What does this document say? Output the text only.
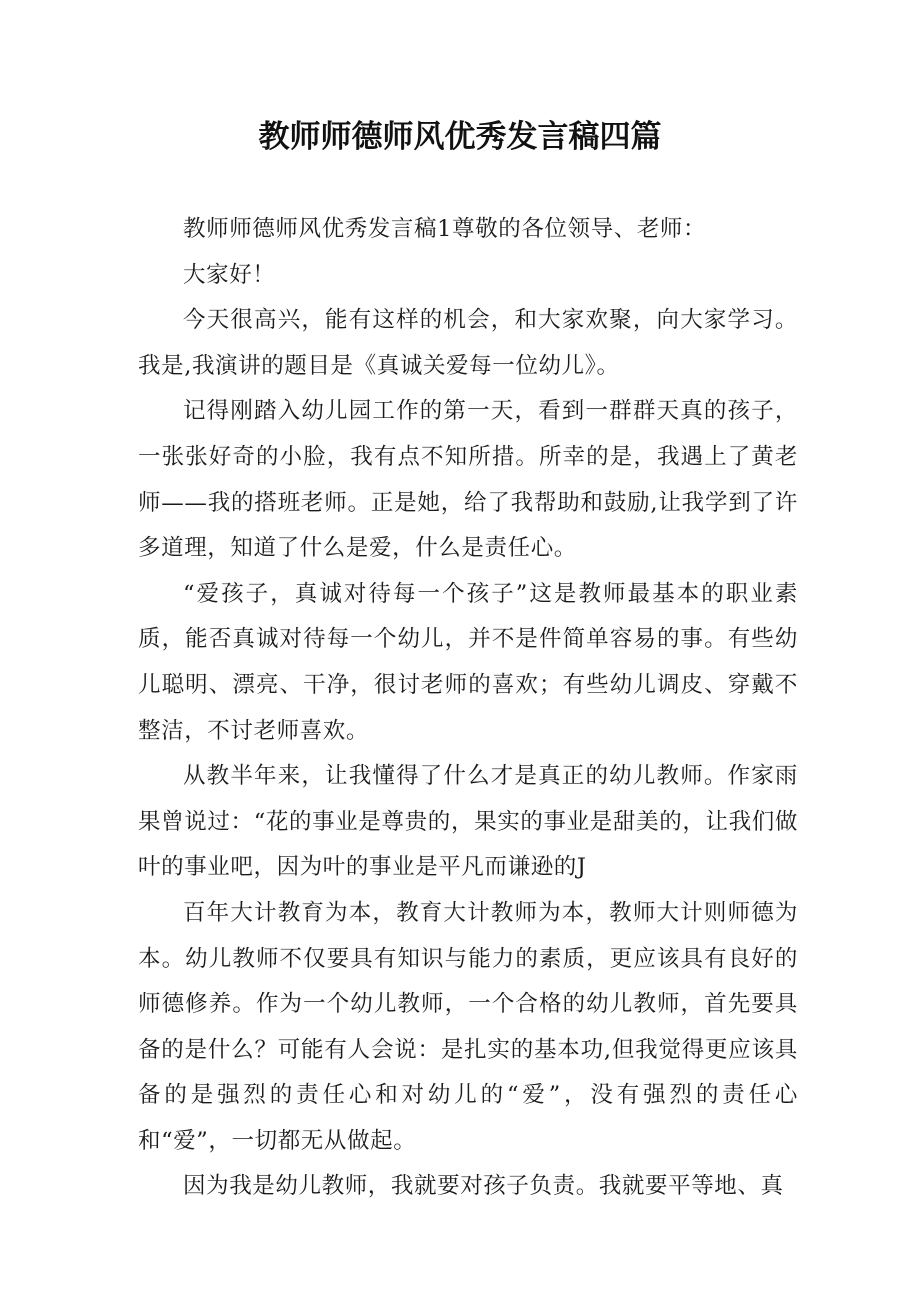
教师师德师风优秀发言稿四篇

教师师德师风优秀发言稿1尊敬的各位领导、老师：

大家好！

今天很高兴，能有这样的机会，和大家欢聚，向大家学习。我是,我演讲的题目是《真诚关爱每一位幼儿》。

记得刚踏入幼儿园工作的第一天，看到一群群天真的孩子，一张张好奇的小脸，我有点不知所措。所幸的是，我遇上了黄老师——我的搭班老师。正是她，给了我帮助和鼓励,让我学到了许多道理，知道了什么是爱，什么是责任心。

“爱孩子，真诚对待每一个孩子”这是教师最基本的职业素质，能否真诚对待每一个幼儿，并不是件简单容易的事。有些幼儿聪明、漂亮、干净，很讨老师的喜欢；有些幼儿调皮、穿戴不整洁，不讨老师喜欢。

从教半年来，让我懂得了什么才是真正的幼儿教师。作家雨果曾说过：“花的事业是尊贵的，果实的事业是甜美的，让我们做叶的事业吧，因为叶的事业是平凡而谦逊的J

百年大计教育为本，教育大计教师为本，教师大计则师德为本。幼儿教师不仅要具有知识与能力的素质，更应该具有良好的师德修养。作为一个幼儿教师，一个合格的幼儿教师，首先要具备的是什么？可能有人会说：是扎实的基本功,但我觉得更应该具备的是强烈的责任心和对幼儿的“爱”，没有强烈的责任心和“爱”，一切都无从做起。

因为我是幼儿教师，我就要对孩子负责。我就要平等地、真
